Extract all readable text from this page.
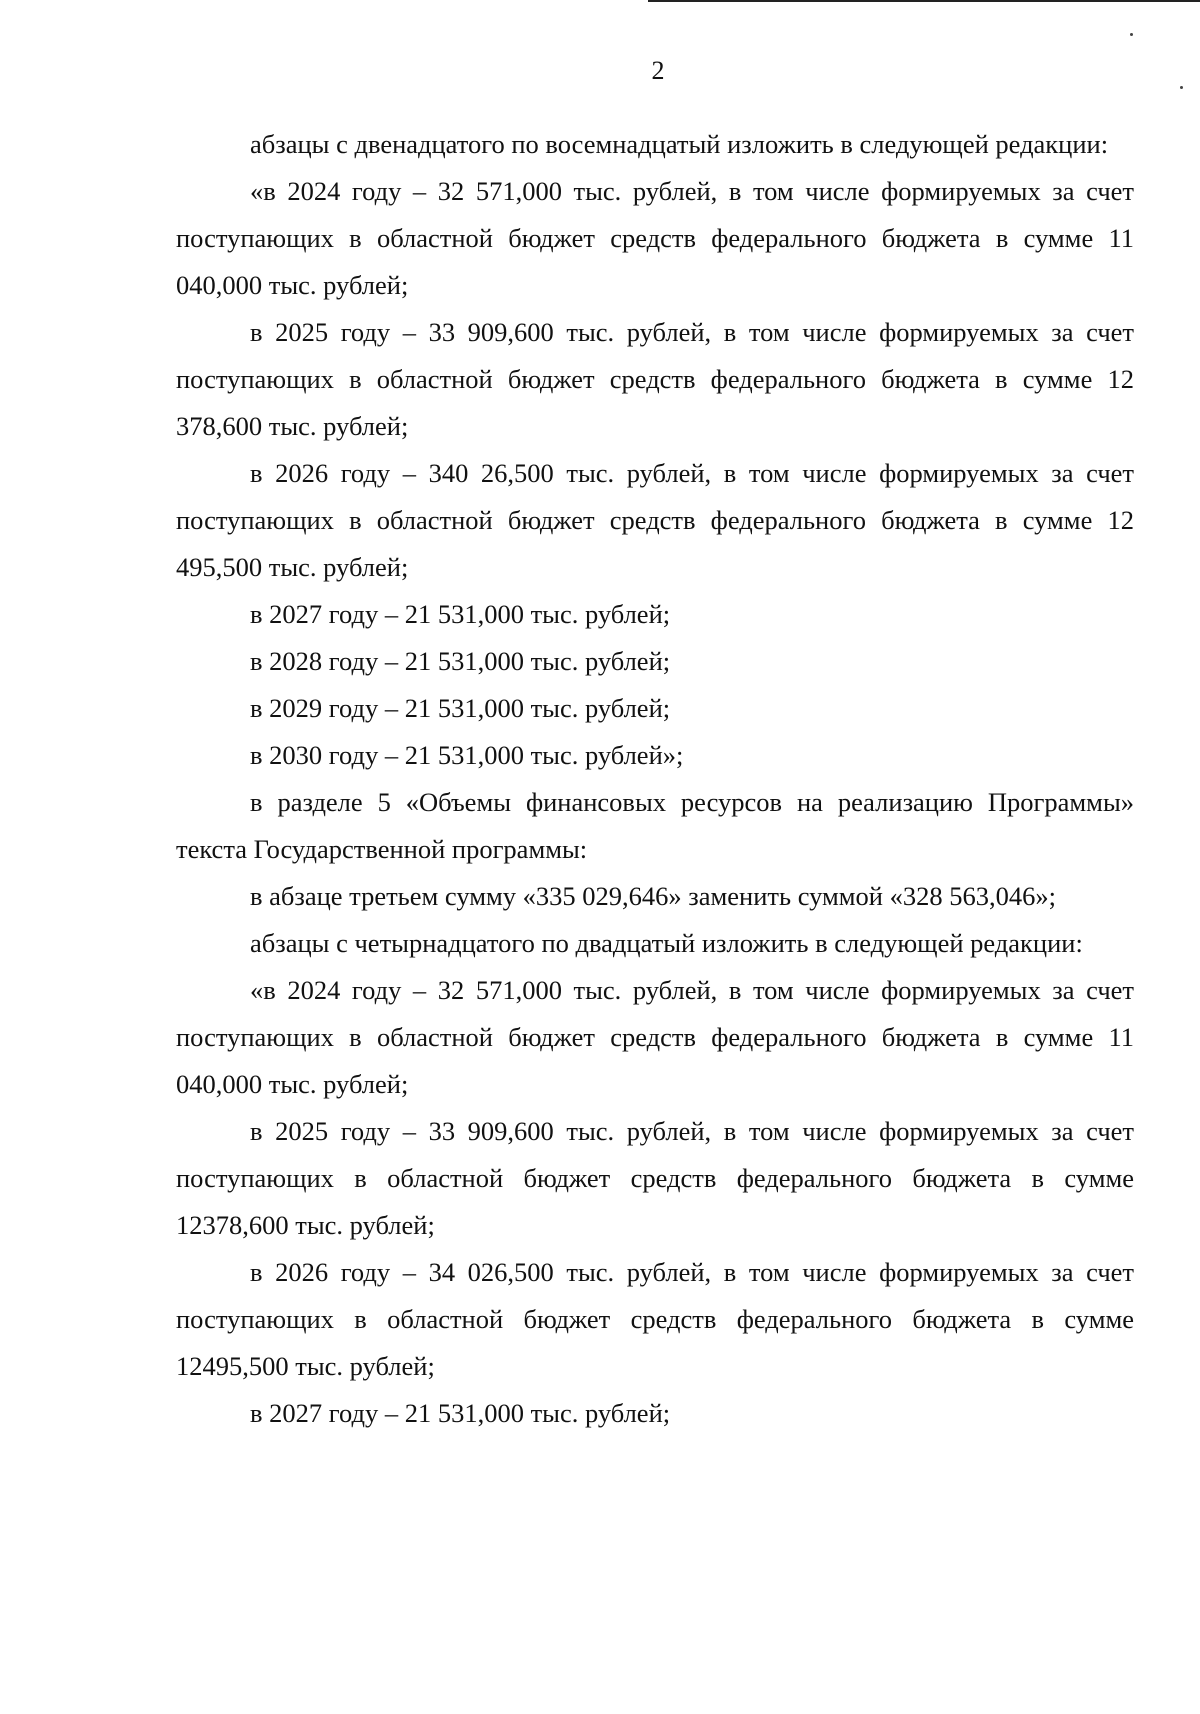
2

абзацы с двенадцатого по восемнадцатый изложить в следующей редакции:

«в 2024 году – 32 571,000 тыс. рублей, в том числе формируемых за счет поступающих в областной бюджет средств федерального бюджета в сумме 11 040,000 тыс. рублей;

в 2025 году – 33 909,600 тыс. рублей, в том числе формируемых за счет поступающих в областной бюджет средств федерального бюджета в сумме 12 378,600 тыс. рублей;

в 2026 году – 340 26,500 тыс. рублей, в том числе формируемых за счет поступающих в областной бюджет средств федерального бюджета в сумме 12 495,500 тыс. рублей;

в 2027 году – 21 531,000 тыс. рублей;

в 2028 году – 21 531,000 тыс. рублей;

в 2029 году – 21 531,000 тыс. рублей;

в 2030 году – 21 531,000 тыс. рублей»;

в разделе 5 «Объемы финансовых ресурсов на реализацию Программы» текста Государственной программы:

в абзаце третьем сумму «335 029,646» заменить суммой «328 563,046»;

абзацы с четырнадцатого по двадцатый изложить в следующей редакции:

«в 2024 году – 32 571,000 тыс. рублей, в том числе формируемых за счет поступающих в областной бюджет средств федерального бюджета в сумме 11 040,000 тыс. рублей;

в 2025 году – 33 909,600 тыс. рублей, в том числе формируемых за счет поступающих в областной бюджет средств федерального бюджета в сумме 12378,600 тыс. рублей;

в 2026 году – 34 026,500 тыс. рублей, в том числе формируемых за счет поступающих в областной бюджет средств федерального бюджета в сумме 12495,500 тыс. рублей;

в 2027 году – 21 531,000 тыс. рублей;
